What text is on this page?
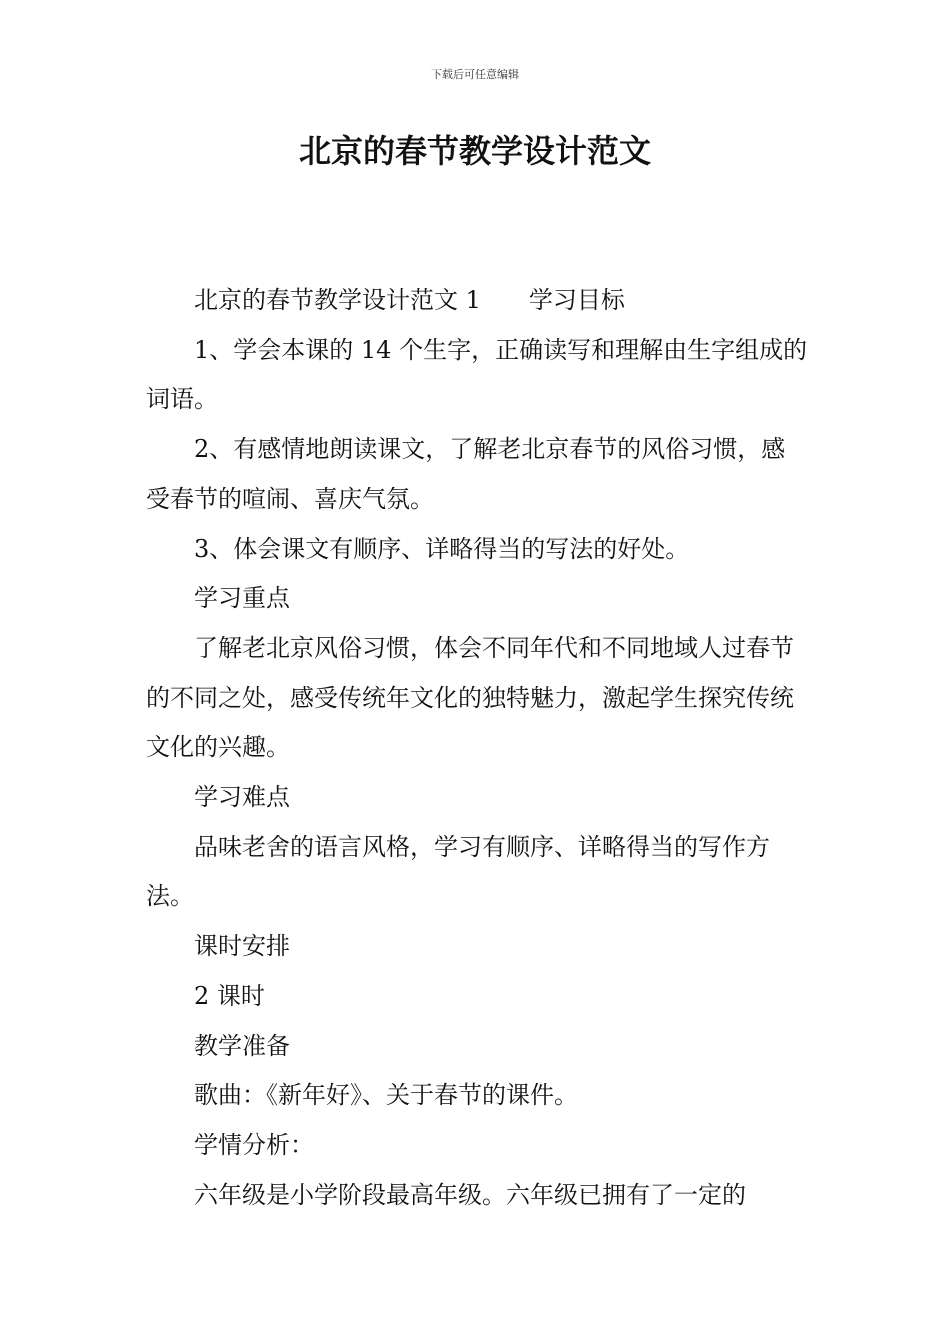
下载后可任意编辑
北京的春节教学设计范文

北京的春节教学设计范文 1 学习目标

1、学会本课的 14 个生字，正确读写和理解由生字组成的词语。

2、有感情地朗读课文，了解老北京春节的风俗习惯，感受春节的喧闹、喜庆气氛。

3、体会课文有顺序、详略得当的写法的好处。

学习重点

了解老北京风俗习惯，体会不同年代和不同地域人过春节的不同之处，感受传统年文化的独特魅力，激起学生探究传统文化的兴趣。

学习难点

品味老舍的语言风格，学习有顺序、详略得当的写作方法。

课时安排

2 课时

教学准备

歌曲：《新年好》、关于春节的课件。

学情分析：

六年级是小学阶段最高年级。六年级已拥有了一定的
